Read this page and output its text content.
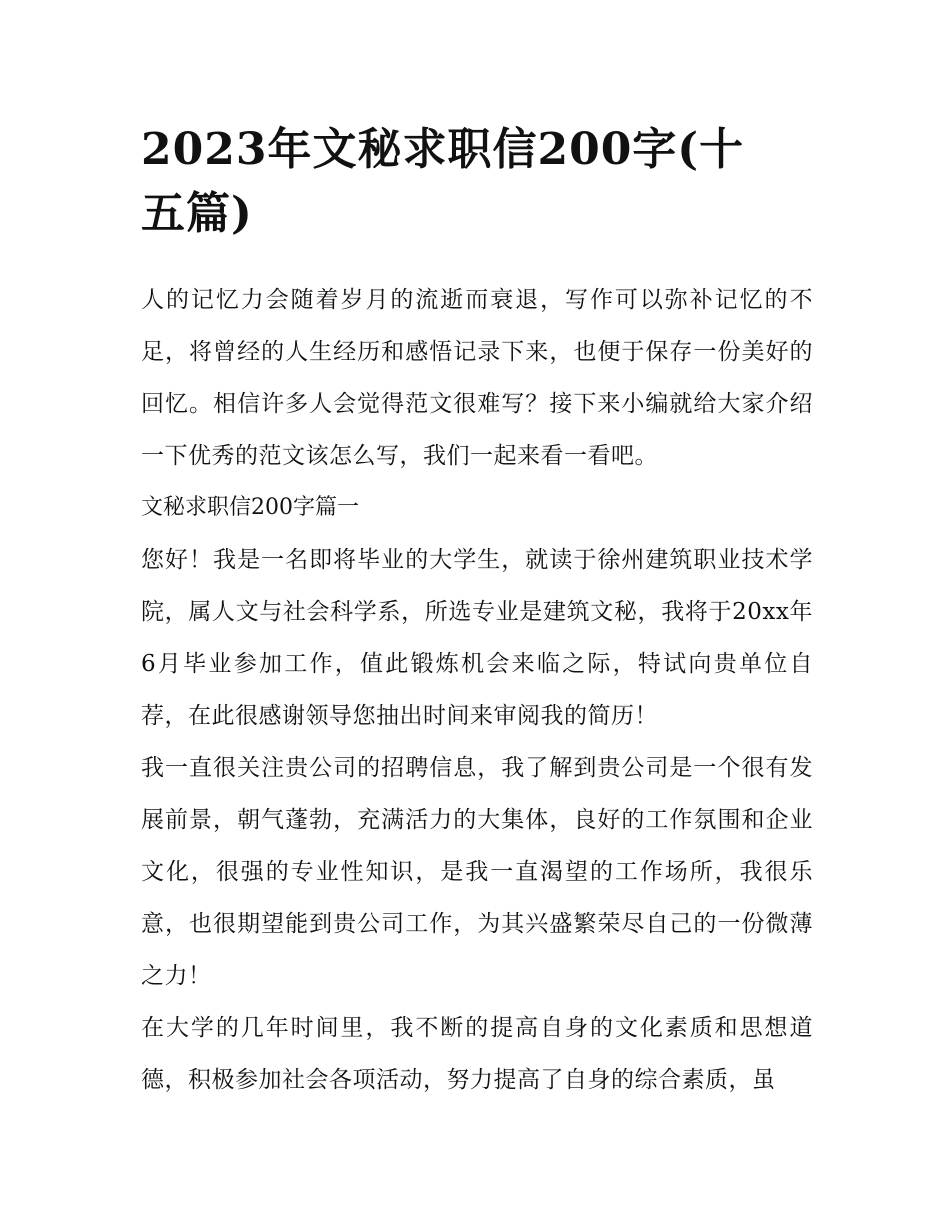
2023年文秘求职信200字(十五篇)

人的记忆力会随着岁月的流逝而衰退，写作可以弥补记忆的不足，将曾经的人生经历和感悟记录下来，也便于保存一份美好的回忆。相信许多人会觉得范文很难写？接下来小编就给大家介绍一下优秀的范文该怎么写，我们一起来看一看吧。

文秘求职信200字篇一

您好！我是一名即将毕业的大学生，就读于徐州建筑职业技术学院，属人文与社会科学系，所选专业是建筑文秘，我将于20xx年6月毕业参加工作，值此锻炼机会来临之际，特试向贵单位自荐，在此很感谢领导您抽出时间来审阅我的简历！

我一直很关注贵公司的招聘信息，我了解到贵公司是一个很有发展前景，朝气蓬勃，充满活力的大集体，良好的工作氛围和企业文化，很强的专业性知识，是我一直渴望的工作场所，我很乐意，也很期望能到贵公司工作，为其兴盛繁荣尽自己的一份微薄之力！

在大学的几年时间里，我不断的提高自身的文化素质和思想道德，积极参加社会各项活动，努力提高了自身的综合素质，虽
